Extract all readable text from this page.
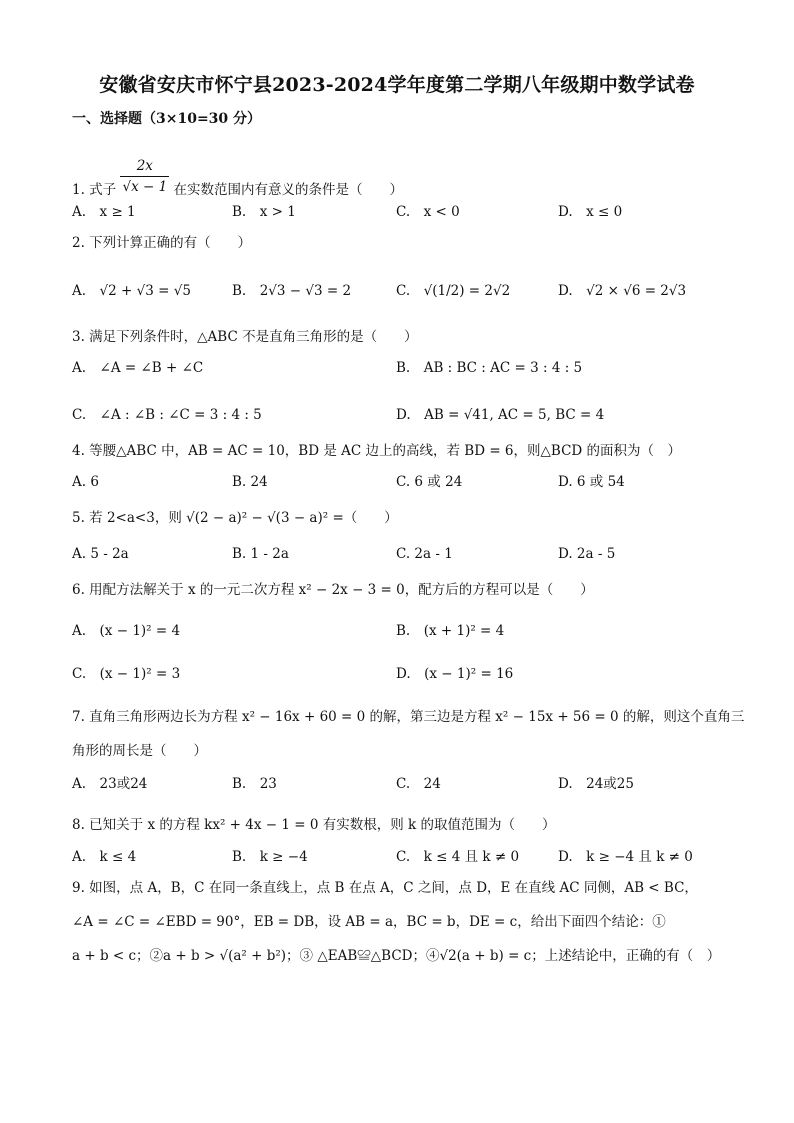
安徽省安庆市怀宁县2023-2024学年度第二学期八年级期中数学试卷
一、选择题（3×10=30 分）
1. 式子 $\frac{2x}{√x - 1}$ 在实数范围内有意义的条件是（　　）
A.　x ≥ 1	B.　x > 1	C.　x < 0	D.　x ≤ 0
2. 下列计算正确的有（　　）
A.　√2 + √3 = √5	B.　2√3 − √3 = 2	C.　√(1/2) = 2√2	D.　√2 × √6 = 2√3
3. 满足下列条件时，△ABC 不是直角三角形的是（　　）
A.　∠A = ∠B + ∠C	B.　AB : BC : AC = 3 : 4 : 5
C.　∠A : ∠B : ∠C = 3 : 4 : 5	D.　AB = √41, AC = 5, BC = 4
4. 等腰△ABC 中，AB = AC = 10，BD 是 AC 边上的高线，若 BD = 6，则△BCD 的面积为（　）
A. 6	B. 24	C. 6 或 24	D. 6 或 54
5. 若 2<a<3，则 √(2 − a)² − √(3 − a)² =（　　）
A. 5 - 2a	B. 1 - 2a	C. 2a - 1	D. 2a - 5
6. 用配方法解关于 x 的一元二次方程 x² − 2x − 3 = 0，配方后的方程可以是（　　）
A.　(x − 1)² = 4	B.　(x + 1)² = 4
C.　(x − 1)² = 3	D.　(x − 1)² = 16
7. 直角三角形两边长为方程 x² − 16x + 60 = 0 的解，第三边是方程 x² − 15x + 56 = 0 的解，则这个直角三
角形的周长是（　　）
A.　23或24	B.　23	C.　24	D.　24或25
8. 已知关于 x 的方程 kx² + 4x − 1 = 0 有实数根，则 k 的取值范围为（　　）
A.　k ≤ 4	B.　k ≥ −4	C.　k ≤ 4 且 k ≠ 0	D.　k ≥ −4 且 k ≠ 0
9. 如图，点 A，B，C 在同一条直线上，点 B 在点 A，C 之间，点 D，E 在直线 AC 同侧，AB < BC，
∠A = ∠C = ∠EBD = 90°，EB = DB，设 AB = a，BC = b，DE = c，给出下面四个结论：①
a + b < c；②a + b > √(a² + b²)；③ △EAB≌△BCD；④√2(a + b) = c；上述结论中，正确的有（　）
